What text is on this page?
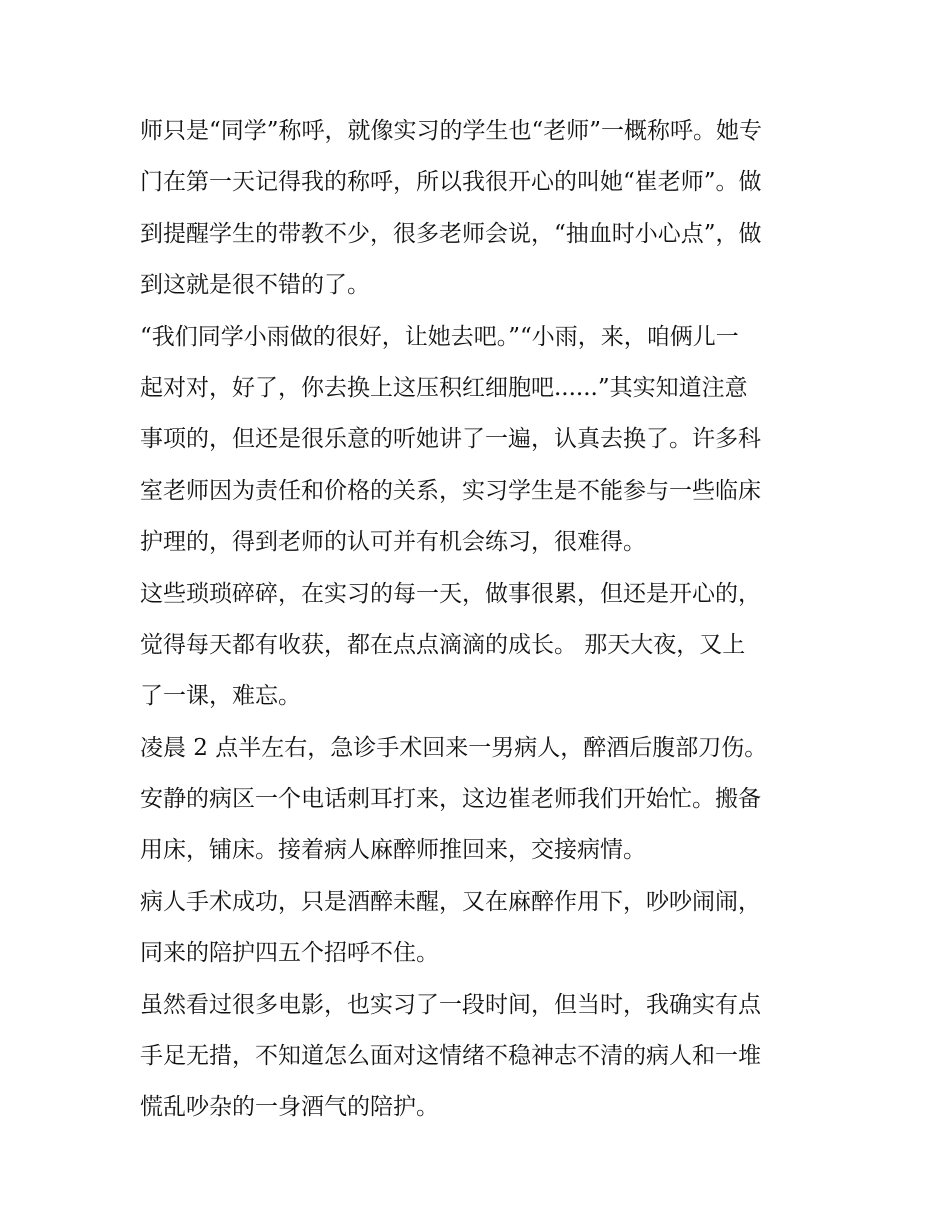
师只是“同学”称呼，就像实习的学生也“老师”一概称呼。她专
门在第一天记得我的称呼，所以我很开心的叫她“崔老师”。做
到提醒学生的带教不少，很多老师会说，“抽血时小心点”，做
到这就是很不错的了。
“我们同学小雨做的很好，让她去吧。”“小雨，来，咱俩儿一
起对对，好了，你去换上这压积红细胞吧......”其实知道注意
事项的，但还是很乐意的听她讲了一遍，认真去换了。许多科
室老师因为责任和价格的关系，实习学生是不能参与一些临床
护理的，得到老师的认可并有机会练习，很难得。
这些琐琐碎碎，在实习的每一天，做事很累，但还是开心的，
觉得每天都有收获，都在点点滴滴的成长。 那天大夜，又上
了一课，难忘。
凌晨 2 点半左右，急诊手术回来一男病人，醉酒后腹部刀伤。
安静的病区一个电话刺耳打来，这边崔老师我们开始忙。搬备
用床，铺床。接着病人麻醉师推回来，交接病情。
病人手术成功，只是酒醉未醒，又在麻醉作用下，吵吵闹闹，
同来的陪护四五个招呼不住。
虽然看过很多电影，也实习了一段时间，但当时，我确实有点
手足无措，不知道怎么面对这情绪不稳神志不清的病人和一堆
慌乱吵杂的一身酒气的陪护。
